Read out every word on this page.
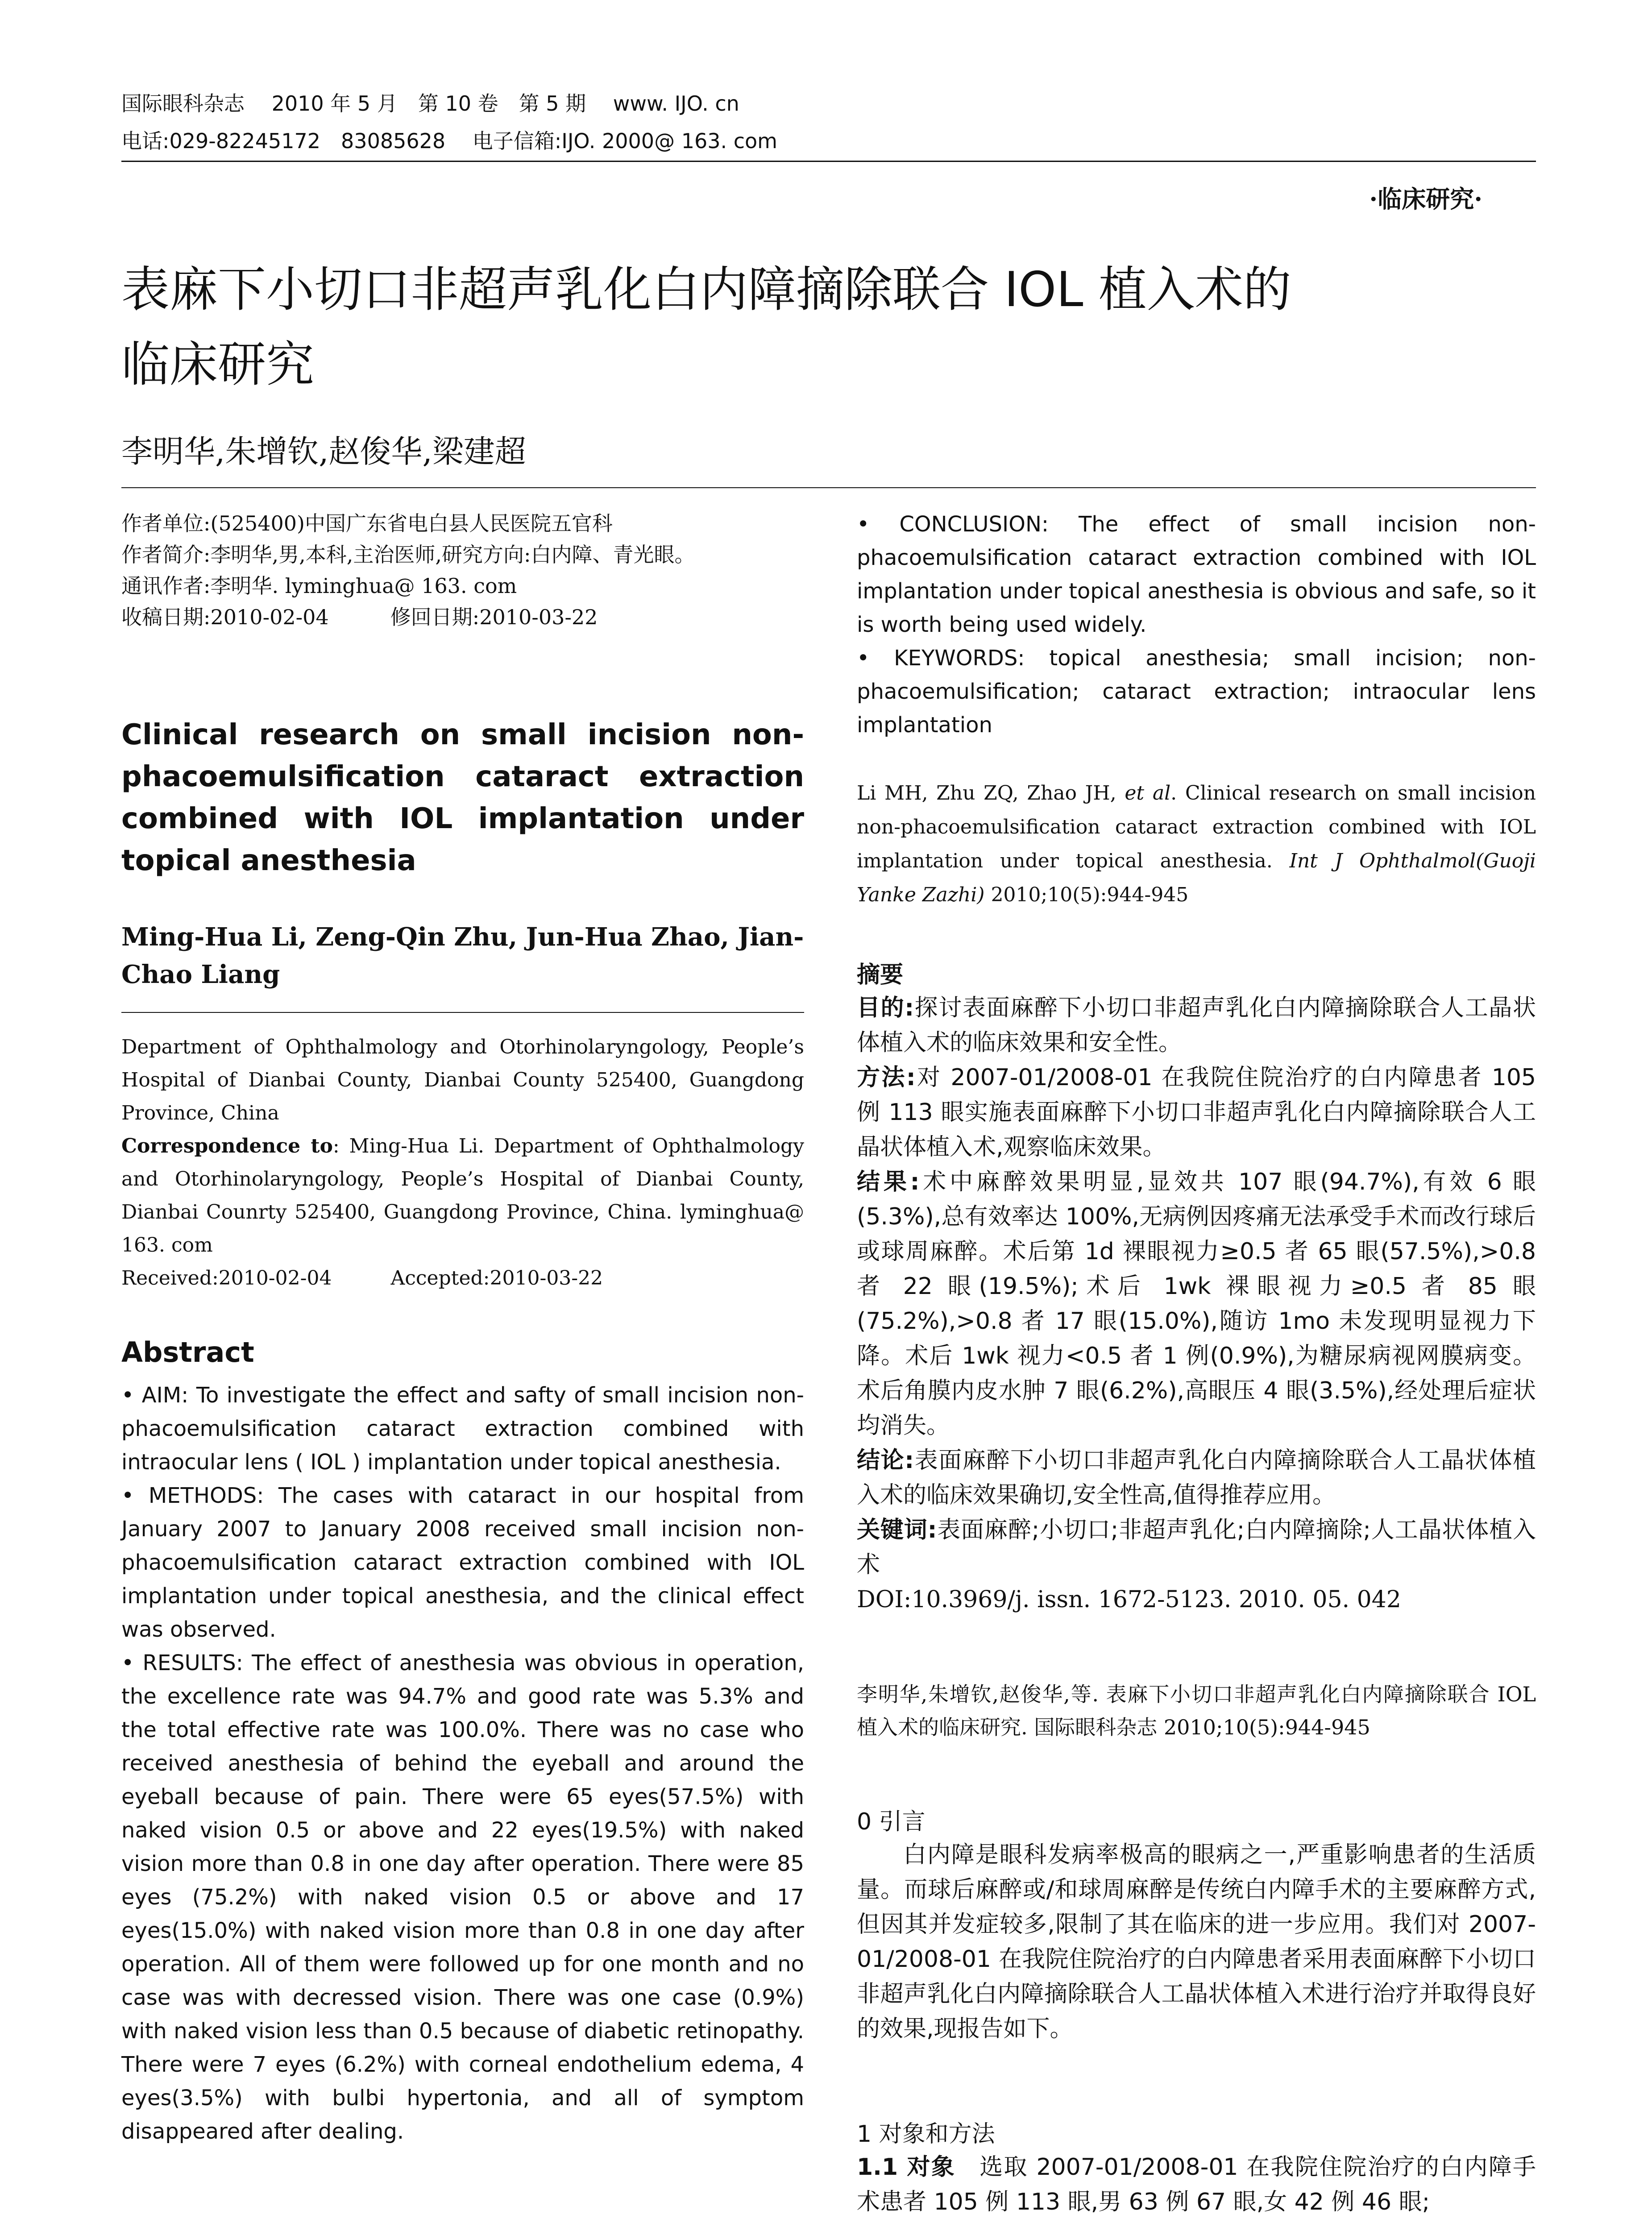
国际眼科杂志　 2010 年 5 月　第 10 卷　第 5 期　 www. IJO. cn
电话:029-82245172　83085628　 电子信箱:IJO. 2000@ 163. com
·临床研究·
表麻下小切口非超声乳化白内障摘除联合 IOL 植入术的
临床研究
李明华,朱增钦,赵俊华,梁建超
作者单位:(525400)中国广东省电白县人民医院五官科
作者简介:李明华,男,本科,主治医师,研究方向:白内障、青光眼。
通讯作者:李明华. lyminghua@ 163. com
收稿日期:2010-02-04　　　修回日期:2010-03-22
Clinical research on small incision non-phacoemulsification cataract extraction combined with IOL implantation under topical anesthesia
Ming-Hua Li, Zeng-Qin Zhu, Jun-Hua Zhao, Jian-Chao Liang
Department of Ophthalmology and Otorhinolaryngology, People’s Hospital of Dianbai County, Dianbai County 525400, Guangdong Province, China
Correspondence to: Ming-Hua Li. Department of Ophthalmology and Otorhinolaryngology, People’s Hospital of Dianbai County, Dianbai Counrty 525400, Guangdong Province, China. lyminghua@ 163. com
Received:2010-02-04　　　Accepted:2010-03-22
Abstract
• AIM: To investigate the effect and safty of small incision non-phacoemulsification cataract extraction combined with intraocular lens ( IOL ) implantation under topical anesthesia.
• METHODS: The cases with cataract in our hospital from January 2007 to January 2008 received small incision non-phacoemulsification cataract extraction combined with IOL implantation under topical anesthesia, and the clinical effect was observed.
• RESULTS: The effect of anesthesia was obvious in operation, the excellence rate was 94.7% and good rate was 5.3% and the total effective rate was 100.0%. There was no case who received anesthesia of behind the eyeball and around the eyeball because of pain. There were 65 eyes(57.5%) with naked vision 0.5 or above and 22 eyes(19.5%) with naked vision more than 0.8 in one day after operation. There were 85 eyes (75.2%) with naked vision 0.5 or above and 17 eyes(15.0%) with naked vision more than 0.8 in one day after operation. All of them were followed up for one month and no case was with decressed vision. There was one case (0.9%) with naked vision less than 0.5 because of diabetic retinopathy. There were 7 eyes (6.2%) with corneal endothelium edema, 4 eyes(3.5%) with bulbi hypertonia, and all of symptom disappeared after dealing.
• CONCLUSION: The effect of small incision non-phacoemulsification cataract extraction combined with IOL implantation under topical anesthesia is obvious and safe, so it is worth being used widely.
• KEYWORDS: topical anesthesia; small incision; non-phacoemulsification; cataract extraction; intraocular lens implantation
Li MH, Zhu ZQ, Zhao JH, et al. Clinical research on small incision non-phacoemulsification cataract extraction combined with IOL implantation under topical anesthesia. Int J Ophthalmol(Guoji Yanke Zazhi) 2010;10(5):944-945
摘要
目的:探讨表面麻醉下小切口非超声乳化白内障摘除联合人工晶状体植入术的临床效果和安全性。
方法:对 2007-01/2008-01 在我院住院治疗的白内障患者 105 例 113 眼实施表面麻醉下小切口非超声乳化白内障摘除联合人工晶状体植入术,观察临床效果。
结果:术中麻醉效果明显,显效共 107 眼(94.7%),有效 6 眼(5.3%),总有效率达 100%,无病例因疼痛无法承受手术而改行球后或球周麻醉。术后第 1d 裸眼视力≥0.5 者 65 眼(57.5%),>0.8 者 22 眼(19.5%);术后 1wk 裸眼视力≥0.5 者 85 眼(75.2%),>0.8 者 17 眼(15.0%),随访 1mo 未发现明显视力下降。术后 1wk 视力<0.5 者 1 例(0.9%),为糖尿病视网膜病变。术后角膜内皮水肿 7 眼(6.2%),高眼压 4 眼(3.5%),经处理后症状均消失。
结论:表面麻醉下小切口非超声乳化白内障摘除联合人工晶状体植入术的临床效果确切,安全性高,值得推荐应用。
关键词:表面麻醉;小切口;非超声乳化;白内障摘除;人工晶状体植入术
DOI:10.3969/j. issn. 1672-5123. 2010. 05. 042
李明华,朱增钦,赵俊华,等. 表麻下小切口非超声乳化白内障摘除联合 IOL 植入术的临床研究. 国际眼科杂志 2010;10(5):944-945
0 引言
白内障是眼科发病率极高的眼病之一,严重影响患者的生活质量。而球后麻醉或/和球周麻醉是传统白内障手术的主要麻醉方式,但因其并发症较多,限制了其在临床的进一步应用。我们对 2007-01/2008-01 在我院住院治疗的白内障患者采用表面麻醉下小切口非超声乳化白内障摘除联合人工晶状体植入术进行治疗并取得良好的效果,现报告如下。
1 对象和方法
1.1 对象　 选取 2007-01/2008-01 在我院住院治疗的白内障手术患者 105 例 113 眼,男 63 例 67 眼,女 42 例 46 眼;
